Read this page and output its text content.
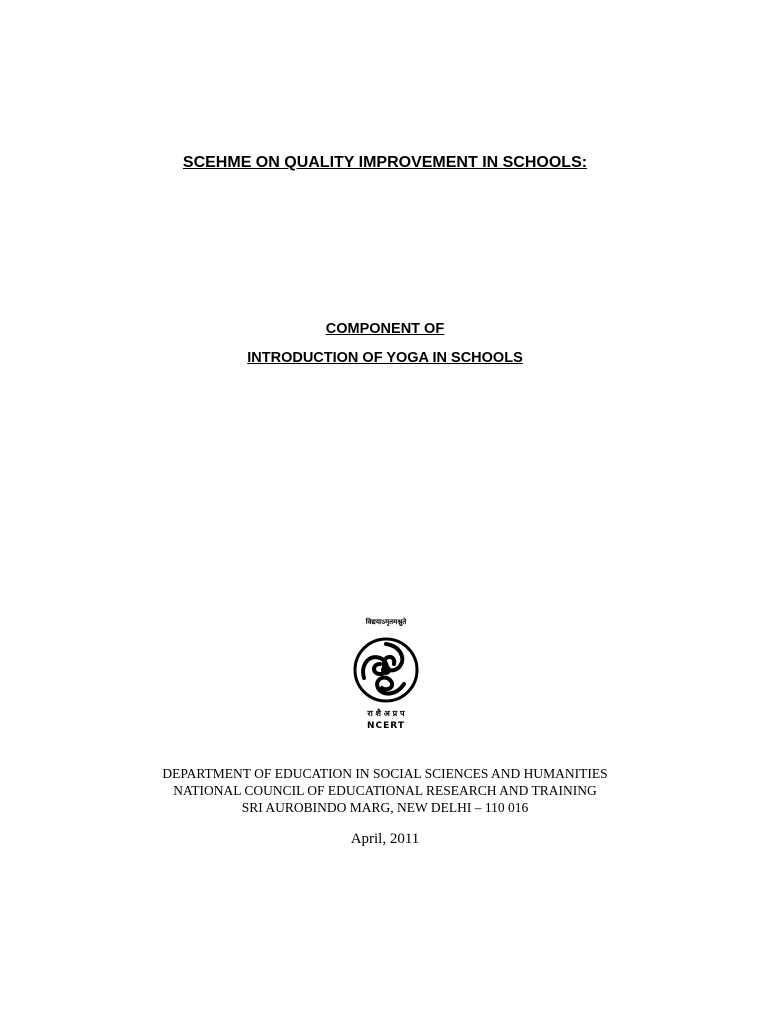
SCEHME ON QUALITY IMPROVEMENT IN SCHOOLS:
COMPONENT OF
INTRODUCTION OF YOGA IN SCHOOLS
विद्ययाऽमृतमश्नुते
रा शै अ प्र प
NCERT
DEPARTMENT OF EDUCATION IN SOCIAL SCIENCES AND HUMANITIES
NATIONAL COUNCIL OF EDUCATIONAL RESEARCH AND TRAINING
SRI AUROBINDO MARG, NEW DELHI – 110 016
April, 2011
